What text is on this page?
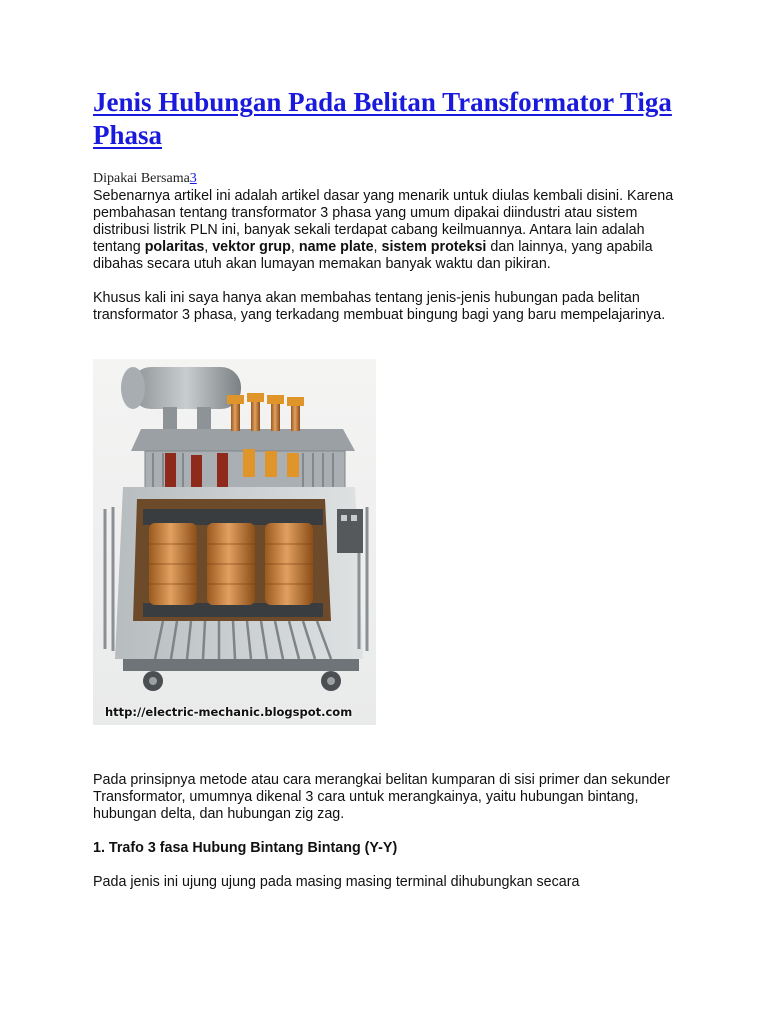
Jenis Hubungan Pada Belitan Transformator Tiga Phasa
Dipakai Bersama3

Sebenarnya artikel ini adalah artikel dasar yang menarik untuk diulas kembali disini. Karena pembahasan tentang transformator 3 phasa yang umum dipakai diindustri atau sistem distribusi listrik PLN ini, banyak sekali terdapat cabang keilmuannya. Antara lain adalah tentang polaritas, vektor grup, name plate, sistem proteksi dan lainnya, yang apabila dibahas secara utuh akan lumayan memakan banyak waktu dan pikiran.

Khusus kali ini saya hanya akan membahas tentang jenis-jenis hubungan pada belitan transformator 3 phasa, yang terkadang membuat bingung bagi yang baru mempelajarinya.

http://electric-mechanic.blogspot.com

Pada prinsipnya metode atau cara merangkai belitan kumparan di sisi primer dan sekunder Transformator, umumnya dikenal 3 cara untuk merangkainya, yaitu hubungan bintang, hubungan delta, dan hubungan zig zag.

1. Trafo 3 fasa Hubung Bintang Bintang (Y-Y)

Pada jenis ini ujung ujung pada masing masing terminal dihubungkan secara
